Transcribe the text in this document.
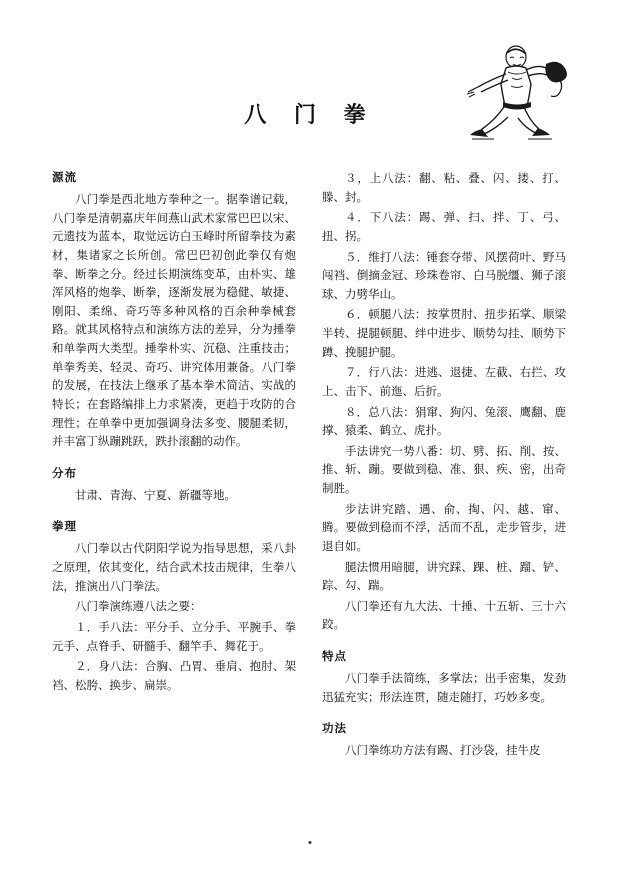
八 门 拳
源流

八门拳是西北地方拳种之一。据拳谱记载，八门拳是清朝嘉庆年间燕山武术家常巴巴以宋、元遗技为蓝本，取觉远访白玉峰时所留拳技为素材，集诸家之长所创。常巴巴初创此拳仅有炮拳、断拳之分。经过长期演练变革，由朴实、雄浑风格的炮拳、断拳，逐渐发展为稳健、敏捷、刚阳、柔绵、奇巧等多种风格的百余种拳械套路。就其风格特点和演练方法的差异，分为捶拳和单拳两大类型。捶拳朴实、沉稳、注重技击；单拳秀美、轻灵、奇巧、讲究体用兼备。八门拳的发展，在技法上继承了基本拳术简洁、实战的特长；在套路编排上力求紧凑，更趋于攻防的合理性；在单拳中更加强调身法多变、腰腿柔韧，并丰富丁纵蹦跳跃，跌扑滚翻的动作。

分布

甘肃、青海、宁夏、新疆等地。

拳理

八门拳以古代阴阳学说为指导思想，采八卦之原理，依其变化，结合武术技击规律，生拳八法，推演出八门拳法。

八门拳演练遵八法之要：

１．手八法：平分手、立分手、平腕手、拳元手、点脊手、研髓手、翻竿手、舞花于。

２．身八法：合胸、凸胃、垂肩、抱肘、架裆、松胯、换步、扁崇。

３，上八法：翻、粘、叠、闪、搂、打、滕、封。

４．下八法：踢、弹、扫、拌、丁、弓、扭、拐。

５．维打八法：锤套夺带、风摆荷叶、野马闯裆、倒摘金冠、珍珠卷帘、白马脱缰、狮子滚球、力劈华山。

６．顿腿八法：按掌贯肘、扭步拓掌、顺梁半转、提腿顿腿、绊中进步、顺势勾挂、顺势下蹲、挽腿护腿。

７．行八法：进逃、退捷、左截、右拦、攻上、击下、前迤、后折。

８．总八法：狷窜、狗闪、兔滚、鹰翻、鹿撑、猿柔、鹤立、虎扑。

手法讲究一势八番：切、劈、拓、削、按、推、斩、蹦。要做到稳、准、狠、疾、密，出奇制胜。

步法讲究踏、遇、俞、掏、闪、越、窜、腾。要做到稳而不浮，活而不乱，走步管步，进退自如。

腿法惯用暗腿，讲究踩、踝、桩、蹓、铲、踪、勾、踹。

八门拳还有九大法、十捶、十五斩、三十六跤。

特点

八门拳手法简练，多掌法；出手密集，发劲迅猛充实；形法连贯，随走随打，巧妙多变。

功法

八门拳练功方法有踢、打沙袋，挂牛皮
